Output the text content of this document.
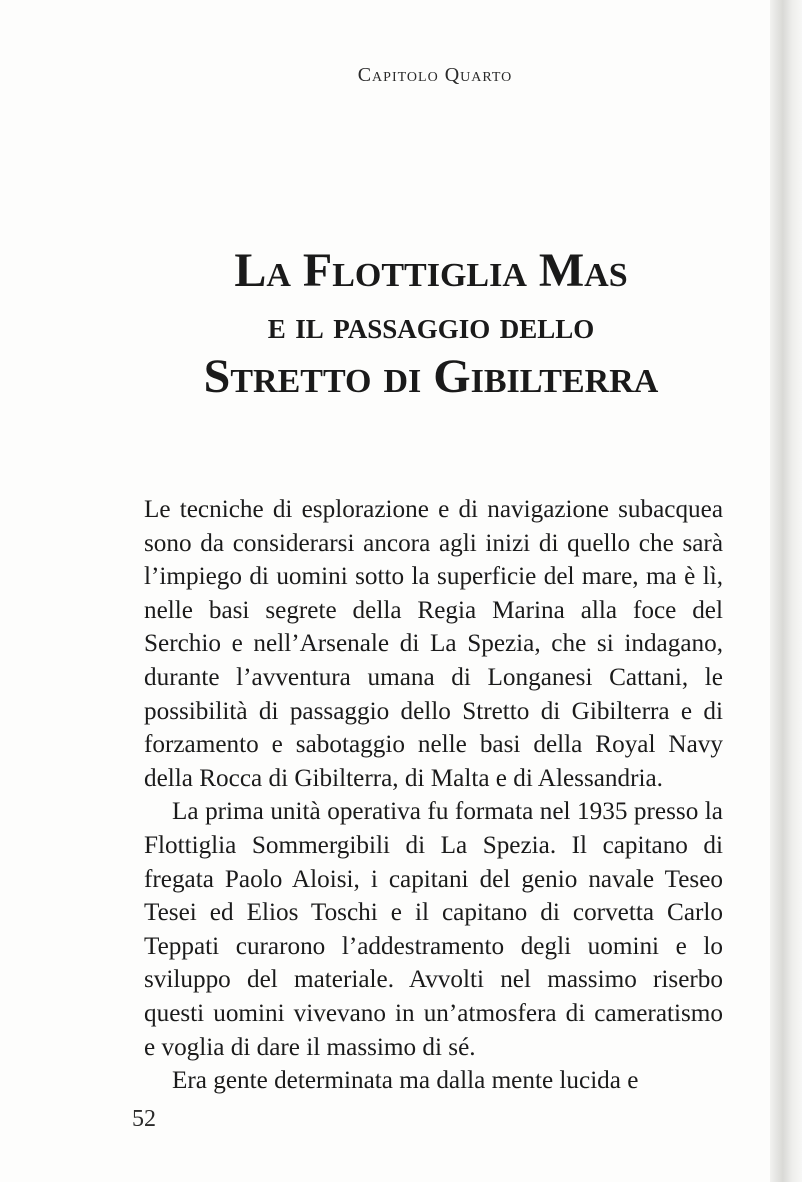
Capitolo Quarto
La Flottiglia Mas
e il passaggio dello
Stretto di Gibilterra

Le tecniche di esplorazione e di navigazione subacquea sono da considerarsi ancora agli inizi di quello che sarà l’impiego di uomini sotto la superficie del mare, ma è lì, nelle basi segrete della Regia Marina alla foce del Serchio e nell’Arsenale di La Spezia, che si indagano, durante l’avventura umana di Longanesi Cattani, le possibilità di passaggio dello Stretto di Gibilterra e di forzamento e sabotaggio nelle basi della Royal Navy della Rocca di Gibilterra, di Malta e di Alessandria.

La prima unità operativa fu formata nel 1935 presso la Flottiglia Sommergibili di La Spezia. Il capitano di fregata Paolo Aloisi, i capitani del genio navale Teseo Tesei ed Elios Toschi e il capitano di corvetta Carlo Teppati curarono l’addestramento degli uomini e lo sviluppo del materiale. Avvolti nel massimo riserbo questi uomini vivevano in un’atmosfera di cameratismo e voglia di dare il massimo di sé.

Era gente determinata ma dalla mente lucida e

52
